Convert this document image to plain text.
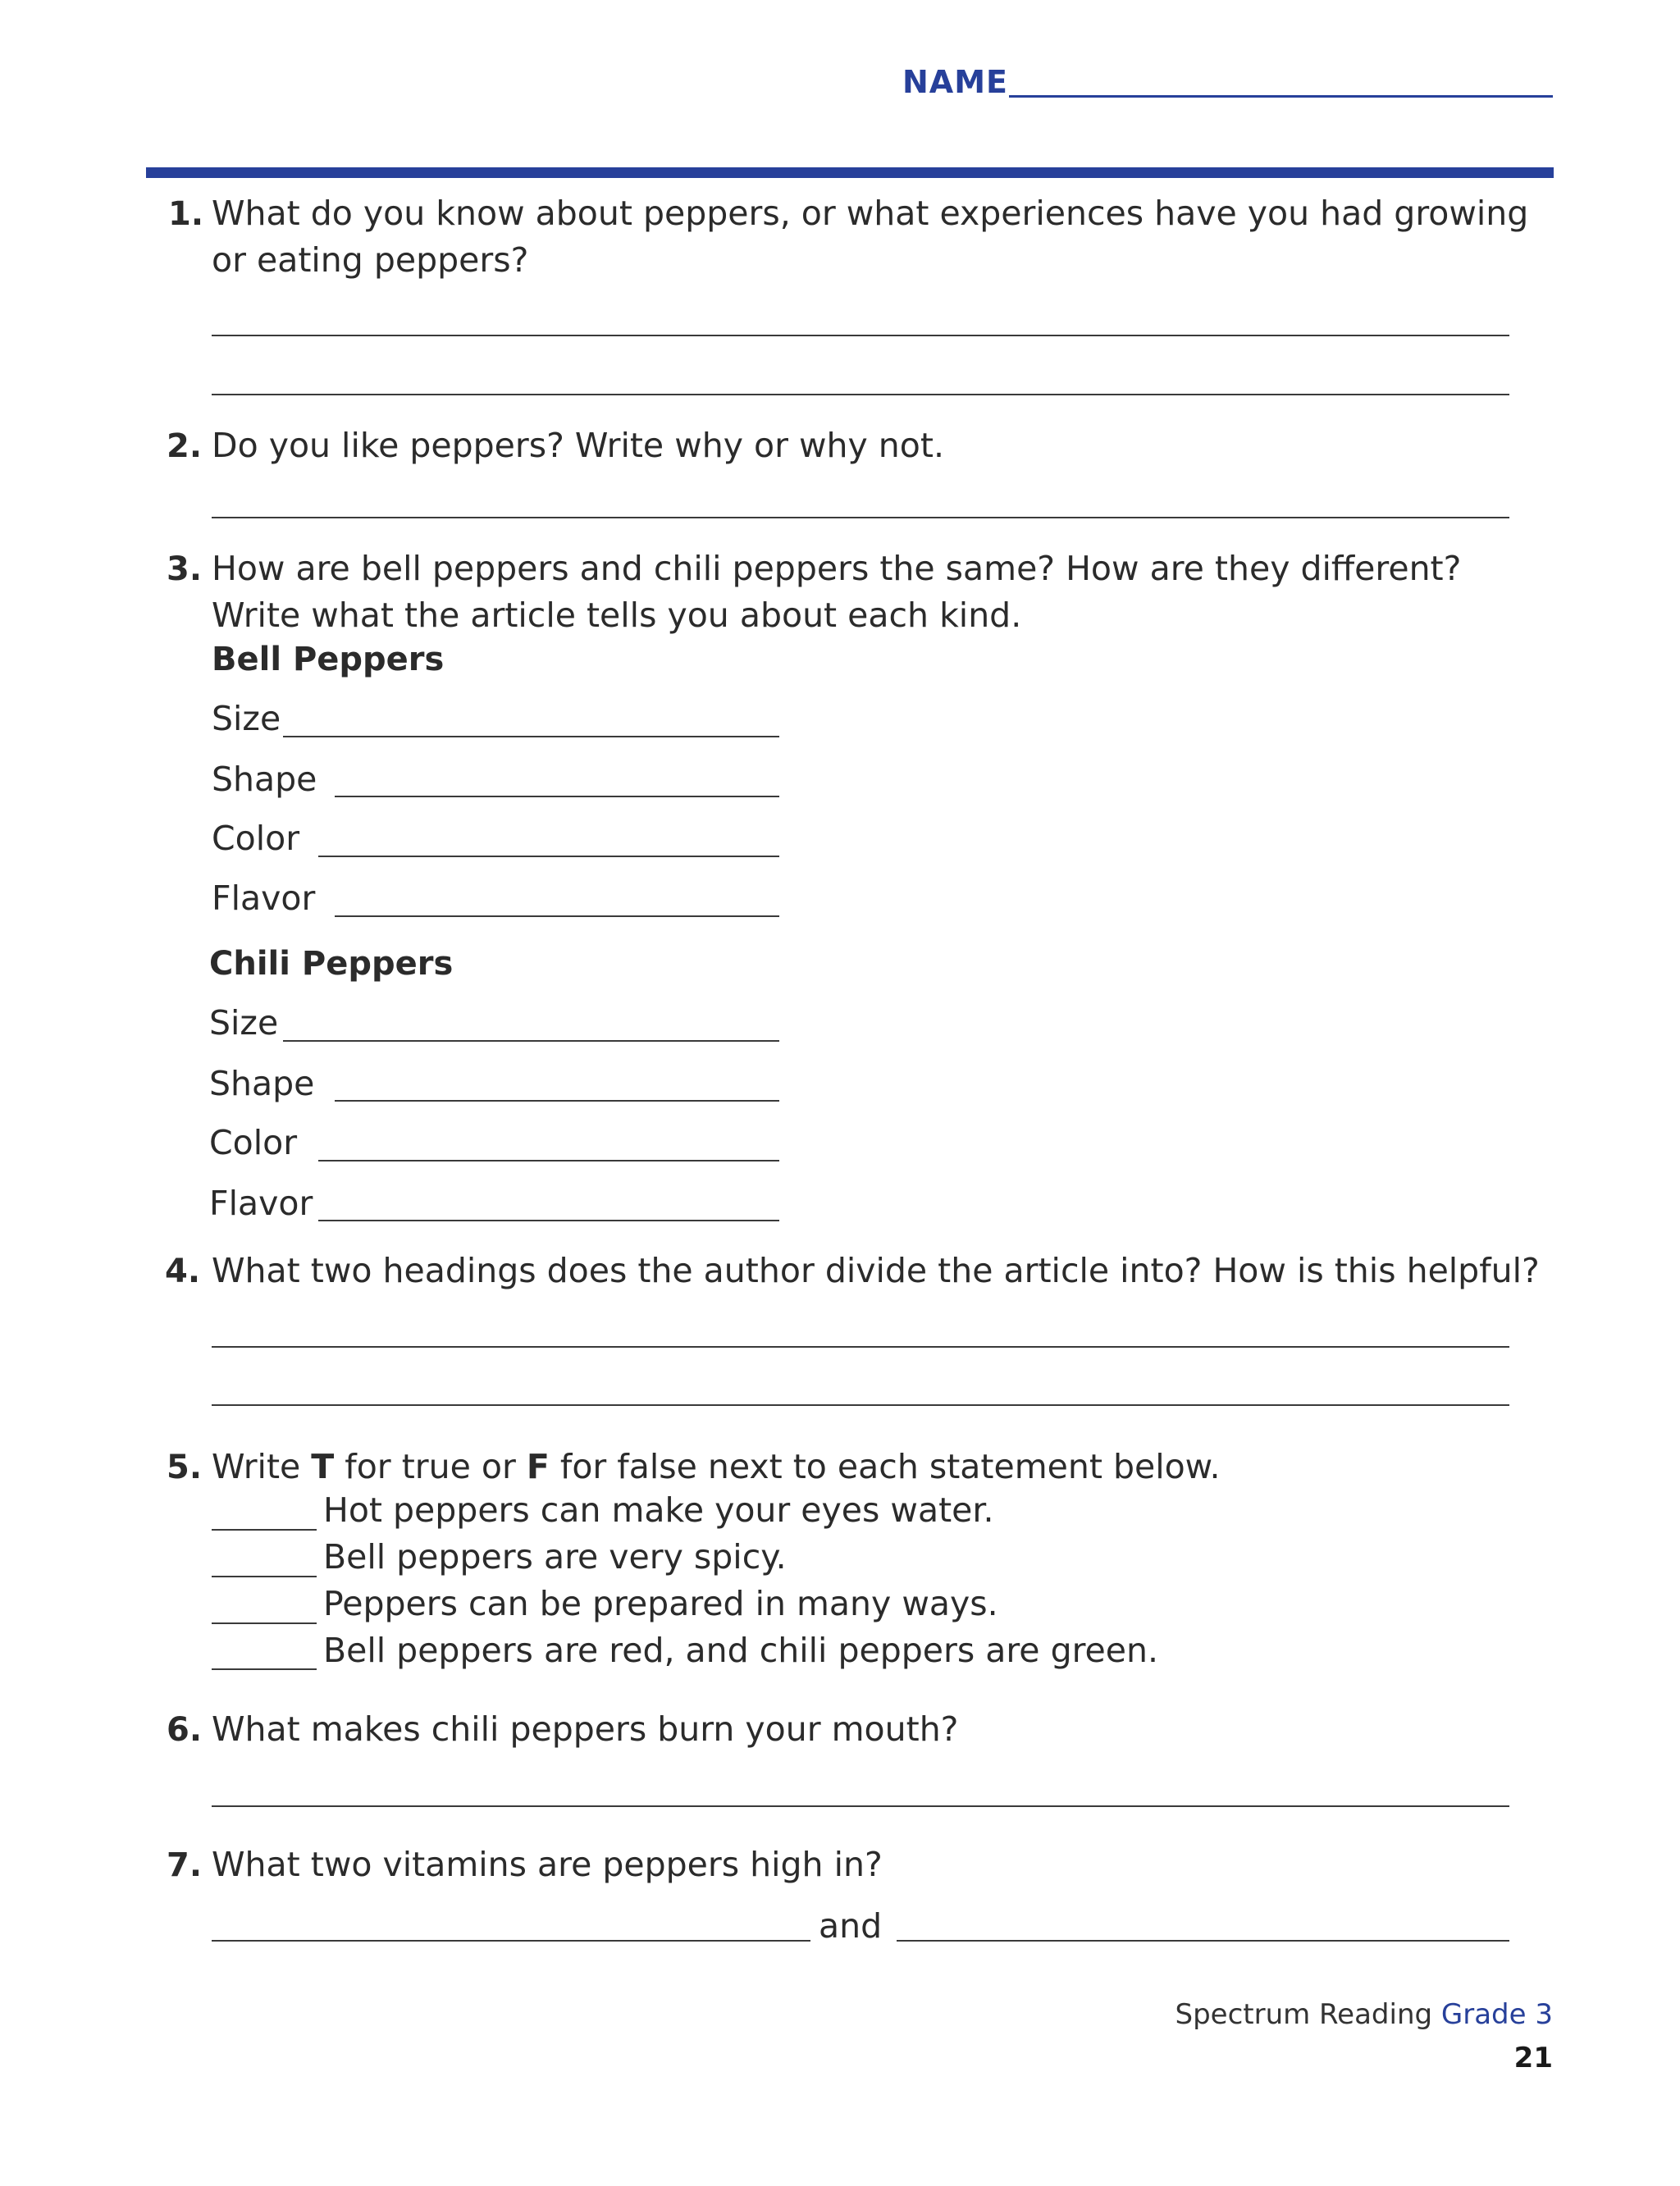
NAME
1. What do you know about peppers, or what experiences have you had growing
or eating peppers?
2. Do you like peppers? Write why or why not.
3. How are bell peppers and chili peppers the same? How are they different?
Write what the article tells you about each kind.
Bell Peppers
Size
Shape
Color
Flavor
Chili Peppers
Size
Shape
Color
Flavor
4. What two headings does the author divide the article into? How is this helpful?
5. Write T for true or F for false next to each statement below.
Hot peppers can make your eyes water.
Bell peppers are very spicy.
Peppers can be prepared in many ways.
Bell peppers are red, and chili peppers are green.
6. What makes chili peppers burn your mouth?
7. What two vitamins are peppers high in?
and
Spectrum Reading Grade 3
21
